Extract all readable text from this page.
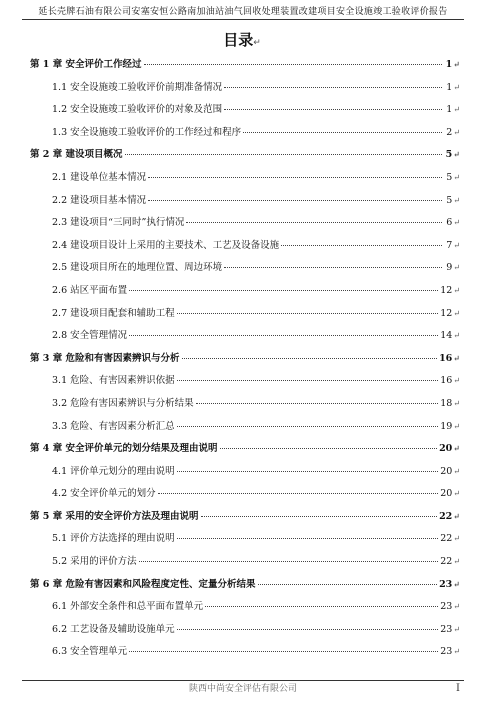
延长壳牌石油有限公司安塞安恒公路南加油站油气回收处理装置改建项目安全设施竣工验收评价报告
目录↵
第 1 章 安全评价工作经过	1 ↵
1.1 安全设施竣工验收评价前期准备情况	1 ↵
1.2 安全设施竣工验收评价的对象及范围	1 ↵
1.3 安全设施竣工验收评价的工作经过和程序	2 ↵
第 2 章 建设项目概况	5 ↵
2.1 建设单位基本情况	5 ↵
2.2 建设项目基本情况	5 ↵
2.3 建设项目“三同时”执行情况	6 ↵
2.4 建设项目设计上采用的主要技术、工艺及设备设施	7 ↵
2.5 建设项目所在的地理位置、周边环境	9 ↵
2.6 站区平面布置	12 ↵
2.7 建设项目配套和辅助工程	12 ↵
2.8 安全管理情况	14 ↵
第 3 章 危险和有害因素辨识与分析	16 ↵
3.1 危险、有害因素辨识依据	16 ↵
3.2 危险有害因素辨识与分析结果	18 ↵
3.3 危险、有害因素分析汇总	19 ↵
第 4 章 安全评价单元的划分结果及理由说明	20 ↵
4.1 评价单元划分的理由说明	20 ↵
4.2 安全评价单元的划分	20 ↵
第 5 章 采用的安全评价方法及理由说明	22 ↵
5.1 评价方法选择的理由说明	22 ↵
5.2 采用的评价方法	22 ↵
第 6 章 危险有害因素和风险程度定性、定量分析结果	23 ↵
6.1 外部安全条件和总平面布置单元	23 ↵
6.2 工艺设备及辅助设施单元	23 ↵
6.3 安全管理单元	23 ↵
陕西中尚安全评估有限公司	I
